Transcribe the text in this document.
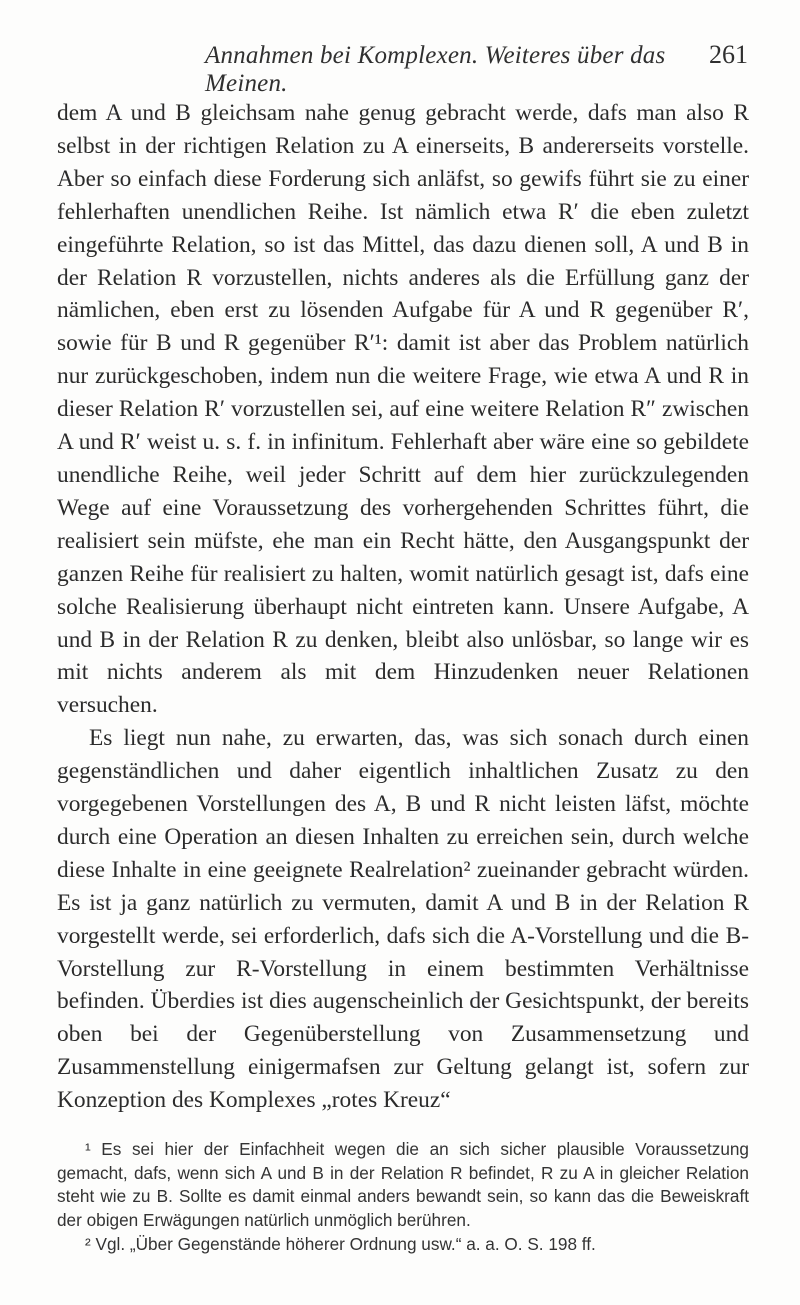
Annahmen bei Komplexen. Weiteres über das Meinen.
261

dem A und B gleichsam nahe genug gebracht werde, dafs man also R selbst in der richtigen Relation zu A einerseits, B andererseits vorstelle. Aber so einfach diese Forderung sich anläfst, so gewifs führt sie zu einer fehlerhaften unendlichen Reihe. Ist nämlich etwa R′ die eben zuletzt eingeführte Relation, so ist das Mittel, das dazu dienen soll, A und B in der Relation R vorzustellen, nichts anderes als die Erfüllung ganz der nämlichen, eben erst zu lösenden Aufgabe für A und R gegenüber R′, sowie für B und R gegenüber R′¹: damit ist aber das Problem natürlich nur zurückgeschoben, indem nun die weitere Frage, wie etwa A und R in dieser Relation R′ vorzustellen sei, auf eine weitere Relation R″ zwischen A und R′ weist u. s. f. in infinitum. Fehlerhaft aber wäre eine so gebildete unendliche Reihe, weil jeder Schritt auf dem hier zurückzulegenden Wege auf eine Voraussetzung des vorhergehenden Schrittes führt, die realisiert sein müfste, ehe man ein Recht hätte, den Ausgangspunkt der ganzen Reihe für realisiert zu halten, womit natürlich gesagt ist, dafs eine solche Realisierung überhaupt nicht eintreten kann. Unsere Aufgabe, A und B in der Relation R zu denken, bleibt also unlösbar, so lange wir es mit nichts anderem als mit dem Hinzudenken neuer Relationen versuchen.

Es liegt nun nahe, zu erwarten, das, was sich sonach durch einen gegenständlichen und daher eigentlich inhaltlichen Zusatz zu den vorgegebenen Vorstellungen des A, B und R nicht leisten läfst, möchte durch eine Operation an diesen Inhalten zu erreichen sein, durch welche diese Inhalte in eine geeignete Realrelation² zueinander gebracht würden. Es ist ja ganz natürlich zu vermuten, damit A und B in der Relation R vorgestellt werde, sei erforderlich, dafs sich die A-Vorstellung und die B-Vorstellung zur R-Vorstellung in einem bestimmten Verhältnisse befinden. Überdies ist dies augenscheinlich der Gesichtspunkt, der bereits oben bei der Gegenüberstellung von Zusammensetzung und Zusammenstellung einigermafsen zur Geltung gelangt ist, sofern zur Konzeption des Komplexes „rotes Kreuz“

¹ Es sei hier der Einfachheit wegen die an sich sicher plausible Voraussetzung gemacht, dafs, wenn sich A und B in der Relation R befindet, R zu A in gleicher Relation steht wie zu B. Sollte es damit einmal anders bewandt sein, so kann das die Beweiskraft der obigen Erwägungen natürlich unmöglich berühren.

² Vgl. „Über Gegenstände höherer Ordnung usw.“ a. a. O. S. 198 ff.
